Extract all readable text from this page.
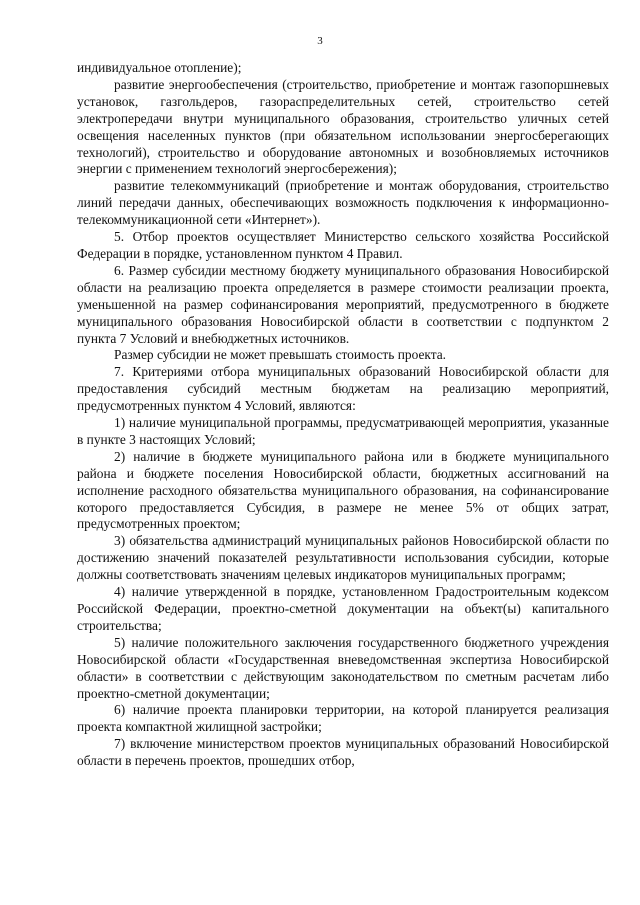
3

индивидуальное отопление);

развитие энергообеспечения (строительство, приобретение и монтаж газопоршневых установок, газгольдеров, газораспределительных сетей, строительство сетей электропередачи внутри муниципального образования, строительство уличных сетей освещения населенных пунктов (при обязательном использовании энергосберегающих технологий), строительство и оборудование автономных и возобновляемых источников энергии с применением технологий энергосбережения);

развитие телекоммуникаций (приобретение и монтаж оборудования, строительство линий передачи данных, обеспечивающих возможность подключения к информационно-телекоммуникационной сети «Интернет»).

5. Отбор проектов осуществляет Министерство сельского хозяйства Российской Федерации в порядке, установленном пунктом 4 Правил.

6. Размер субсидии местному бюджету муниципального образования Новосибирской области на реализацию проекта определяется в размере стоимости реализации проекта, уменьшенной на размер софинансирования мероприятий, предусмотренного в бюджете муниципального образования Новосибирской области в соответствии с подпунктом 2 пункта 7 Условий и внебюджетных источников.

Размер субсидии не может превышать стоимость проекта.

7. Критериями отбора муниципальных образований Новосибирской области для предоставления субсидий местным бюджетам на реализацию мероприятий, предусмотренных пунктом 4 Условий, являются:

1) наличие муниципальной программы, предусматривающей мероприятия, указанные в пункте 3 настоящих Условий;

2) наличие в бюджете муниципального района или в бюджете муниципального района и бюджете поселения Новосибирской области, бюджетных ассигнований на исполнение расходного обязательства муниципального образования, на софинансирование которого предоставляется Субсидия, в размере не менее 5% от общих затрат, предусмотренных проектом;

3) обязательства администраций муниципальных районов Новосибирской области по достижению значений показателей результативности использования субсидии, которые должны соответствовать значениям целевых индикаторов муниципальных программ;

4) наличие утвержденной в порядке, установленном Градостроительным кодексом Российской Федерации, проектно-сметной документации на объект(ы) капитального строительства;

5) наличие положительного заключения государственного бюджетного учреждения Новосибирской области «Государственная вневедомственная экспертиза Новосибирской области» в соответствии с действующим законодательством по сметным расчетам либо проектно-сметной документации;

6) наличие проекта планировки территории, на которой планируется реализация проекта компактной жилищной застройки;

7) включение министерством проектов муниципальных образований Новосибирской области в перечень проектов, прошедших отбор,
